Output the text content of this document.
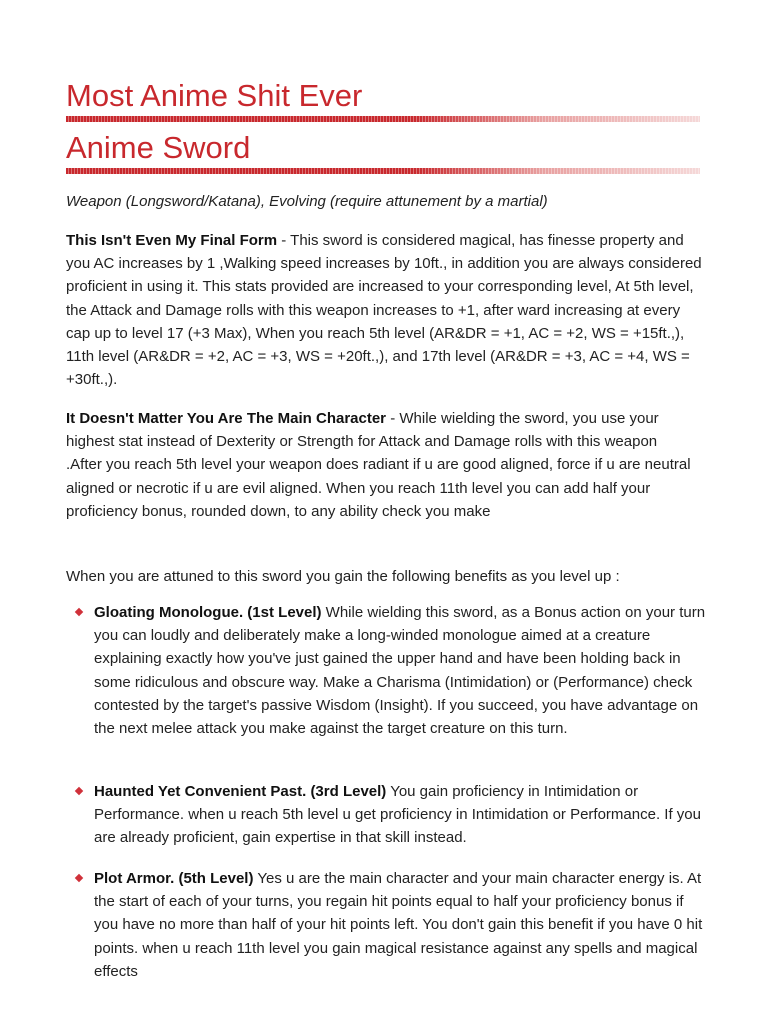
Most Anime Shit Ever
Anime Sword
Weapon (Longsword/Katana), Evolving (require attunement by a martial)

This Isn't Even My Final Form - This sword is considered magical, has finesse property and you AC increases by 1 ,Walking speed increases by 10ft., in addition you are always considered proficient in using it. This stats provided are increased to your corresponding level, At 5th level, the Attack and Damage rolls with this weapon increases to +1, after ward increasing at every cap up to level 17 (+3 Max), When you reach 5th level (AR&DR = +1, AC = +2, WS = +15ft.,), 11th level (AR&DR = +2, AC = +3, WS = +20ft.,), and 17th level (AR&DR = +3, AC = +4, WS = +30ft.,).

It Doesn't Matter You Are The Main Character - While wielding the sword, you use your highest stat instead of Dexterity or Strength for Attack and Damage rolls with this weapon
.After you reach 5th level your weapon does radiant if u are good aligned, force if u are neutral aligned or necrotic if u are evil aligned. When you reach 11th level you can add half your proficiency bonus, rounded down, to any ability check you make

When you are attuned to this sword you gain the following benefits as you level up :

Gloating Monologue. (1st Level) While wielding this sword, as a Bonus action on your turn you can loudly and deliberately make a long-winded monologue aimed at a creature explaining exactly how you've just gained the upper hand and have been holding back in some ridiculous and obscure way. Make a Charisma (Intimidation) or (Performance) check contested by the target's passive Wisdom (Insight). If you succeed, you have advantage on the next melee attack you make against the target creature on this turn.
Haunted Yet Convenient Past. (3rd Level) You gain proficiency in Intimidation or Performance. when u reach 5th level u get proficiency in Intimidation or Performance. If you are already proficient, gain expertise in that skill instead.
Plot Armor. (5th Level) Yes u are the main character and your main character energy is. At the start of each of your turns, you regain hit points equal to half your proficiency bonus if you have no more than half of your hit points left. You don't gain this benefit if you have 0 hit points. when u reach 11th level you gain magical resistance against any spells and magical effects
